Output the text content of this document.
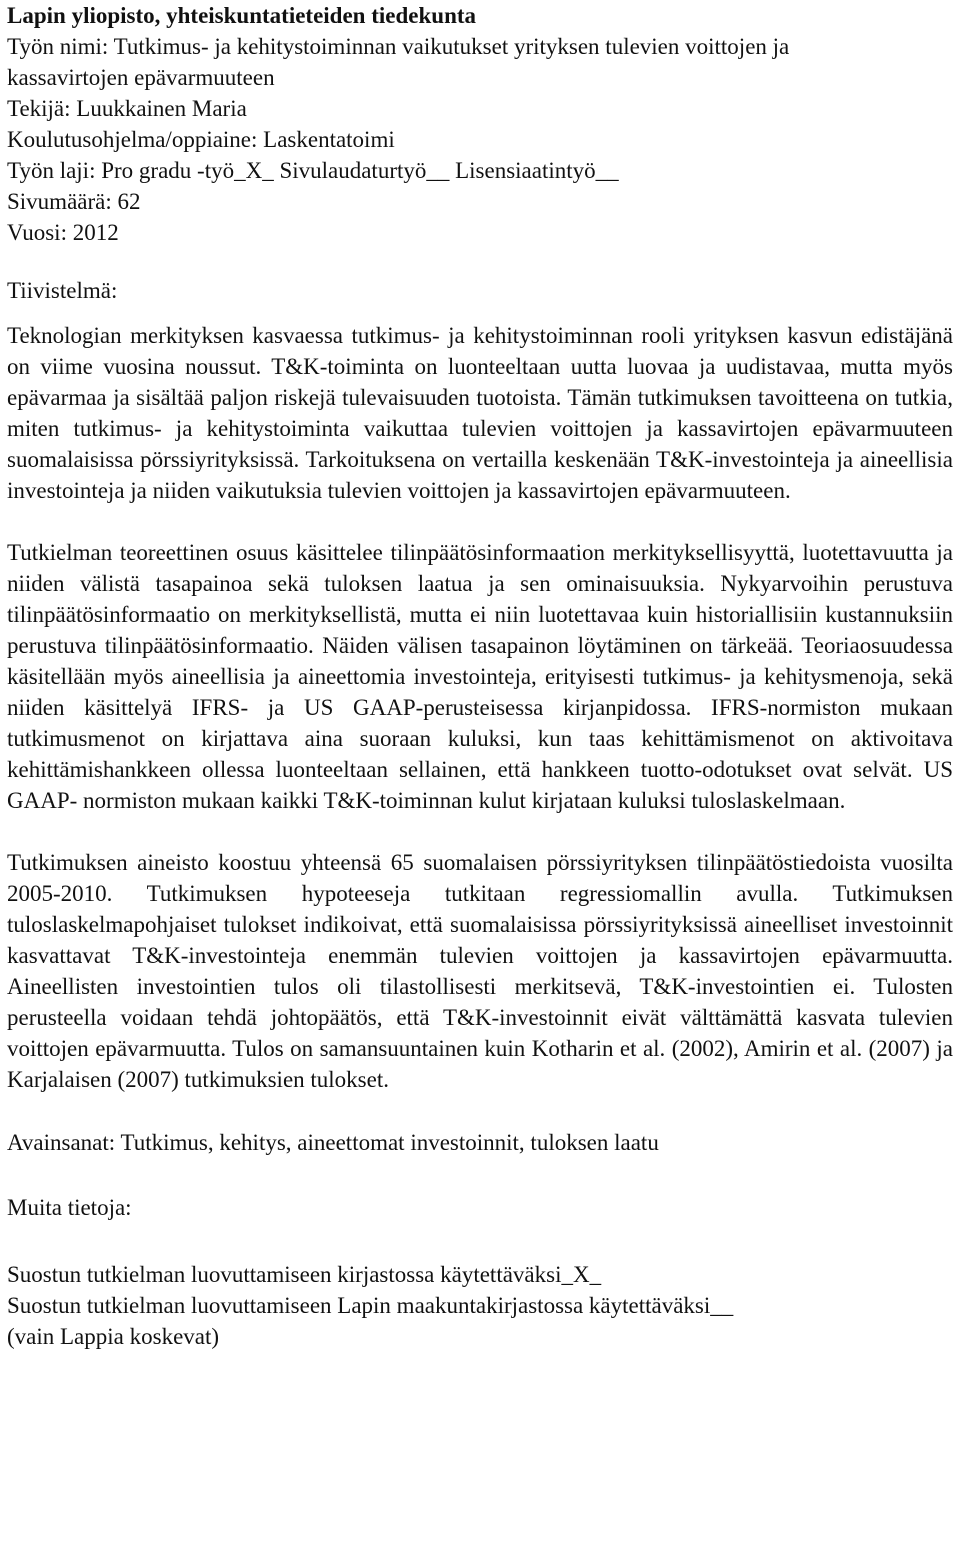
Lapin yliopisto, yhteiskuntatieteiden tiedekunta

Työn nimi: Tutkimus- ja kehitystoiminnan vaikutukset yrityksen tulevien voittojen ja

kassavirtojen epävarmuuteen

Tekijä: Luukkainen Maria

Koulutusohjelma/oppiaine: Laskentatoimi

Työn laji: Pro gradu -työ_X_ Sivulaudaturtyö__ Lisensiaatintyö__

Sivumäärä: 62

Vuosi: 2012

Tiivistelmä:

Teknologian merkityksen kasvaessa tutkimus- ja kehitystoiminnan rooli yrityksen kasvun edistäjänä on viime vuosina noussut. T&K-toiminta on luonteeltaan uutta luovaa ja uudistavaa, mutta myös epävarmaa ja sisältää paljon riskejä tulevaisuuden tuotoista. Tämän tutkimuksen tavoitteena on tutkia, miten tutkimus- ja kehitystoiminta vaikuttaa tulevien voittojen ja kassavirtojen epävarmuuteen suomalaisissa pörssiyrityksissä. Tarkoituksena on vertailla keskenään T&K-investointeja ja aineellisia investointeja ja niiden vaikutuksia tulevien voittojen ja kassavirtojen epävarmuuteen.

Tutkielman teoreettinen osuus käsittelee tilinpäätösinformaation merkityksellisyyttä, luotettavuutta ja niiden välistä tasapainoa sekä tuloksen laatua ja sen ominaisuuksia. Nykyarvoihin perustuva tilinpäätösinformaatio on merkityksellistä, mutta ei niin luotettavaa kuin historiallisiin kustannuksiin perustuva tilinpäätösinformaatio. Näiden välisen tasapainon löytäminen on tärkeää. Teoriaosuudessa käsitellään myös aineellisia ja aineettomia investointeja, erityisesti tutkimus- ja kehitysmenoja, sekä niiden käsittelyä IFRS- ja US GAAP-perusteisessa kirjanpidossa. IFRS-normiston mukaan tutkimusmenot on kirjattava aina suoraan kuluksi, kun taas kehittämismenot on aktivoitava kehittämishankkeen ollessa luonteeltaan sellainen, että hankkeen tuotto-odotukset ovat selvät. US GAAP- normiston mukaan kaikki T&K-toiminnan kulut kirjataan kuluksi tuloslaskelmaan.

Tutkimuksen aineisto koostuu yhteensä 65 suomalaisen pörssiyrityksen tilinpäätöstiedoista vuosilta 2005-2010. Tutkimuksen hypoteeseja tutkitaan regressiomallin avulla. Tutkimuksen tuloslaskelmapohjaiset tulokset indikoivat, että suomalaisissa pörssiyrityksissä aineelliset investoinnit kasvattavat T&K-investointeja enemmän tulevien voittojen ja kassavirtojen epävarmuutta. Aineellisten investointien tulos oli tilastollisesti merkitsevä, T&K-investointien ei. Tulosten perusteella voidaan tehdä johtopäätös, että T&K-investoinnit eivät välttämättä kasvata tulevien voittojen epävarmuutta. Tulos on samansuuntainen kuin Kotharin et al. (2002), Amirin et al. (2007) ja Karjalaisen (2007) tutkimuksien tulokset.

Avainsanat: Tutkimus, kehitys, aineettomat investoinnit, tuloksen laatu

Muita tietoja:

Suostun tutkielman luovuttamiseen kirjastossa käytettäväksi_X_

Suostun tutkielman luovuttamiseen Lapin maakuntakirjastossa käytettäväksi__

(vain Lappia koskevat)
